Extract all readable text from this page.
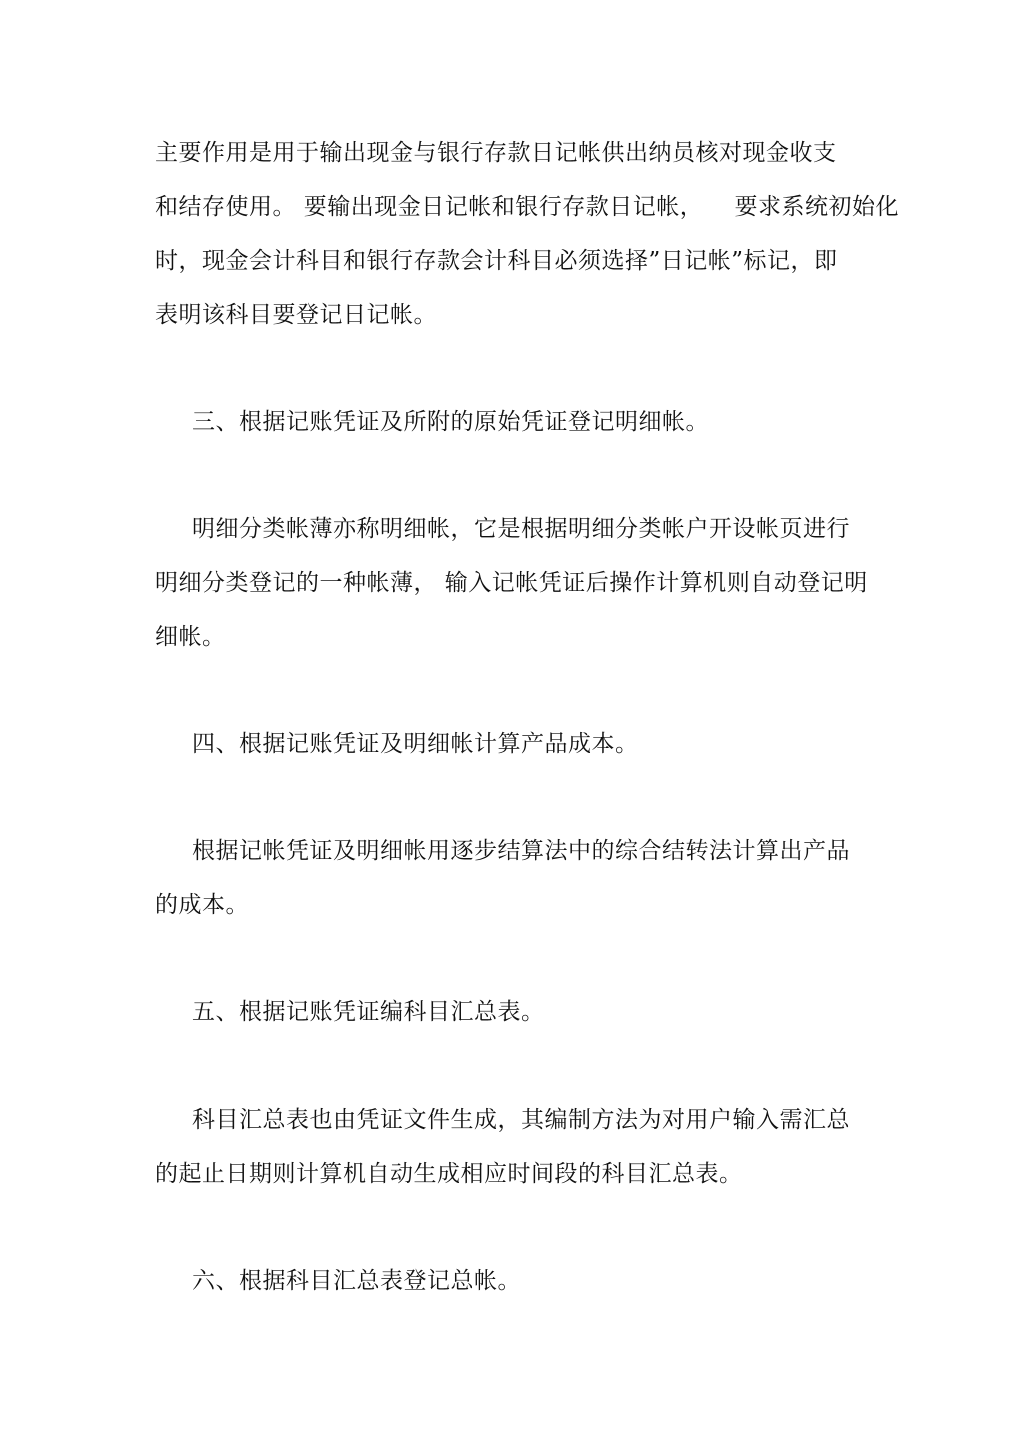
主要作用是用于输出现金与银行存款日记帐供出纳员核对现金收支

和结存使用。 要输出现金日记帐和银行存款日记帐，    要求系统初始化

时，现金会计科目和银行存款会计科目必须选择”日记帐”标记，即

表明该科目要登记日记帐。

三、根据记账凭证及所附的原始凭证登记明细帐。

明细分类帐薄亦称明细帐，它是根据明细分类帐户开设帐页进行

明细分类登记的一种帐薄， 输入记帐凭证后操作计算机则自动登记明

细帐。

四、根据记账凭证及明细帐计算产品成本。

根据记帐凭证及明细帐用逐步结算法中的综合结转法计算出产品

的成本。

五、根据记账凭证编科目汇总表。

科目汇总表也由凭证文件生成，其编制方法为对用户输入需汇总

的起止日期则计算机自动生成相应时间段的科目汇总表。

六、根据科目汇总表登记总帐。
